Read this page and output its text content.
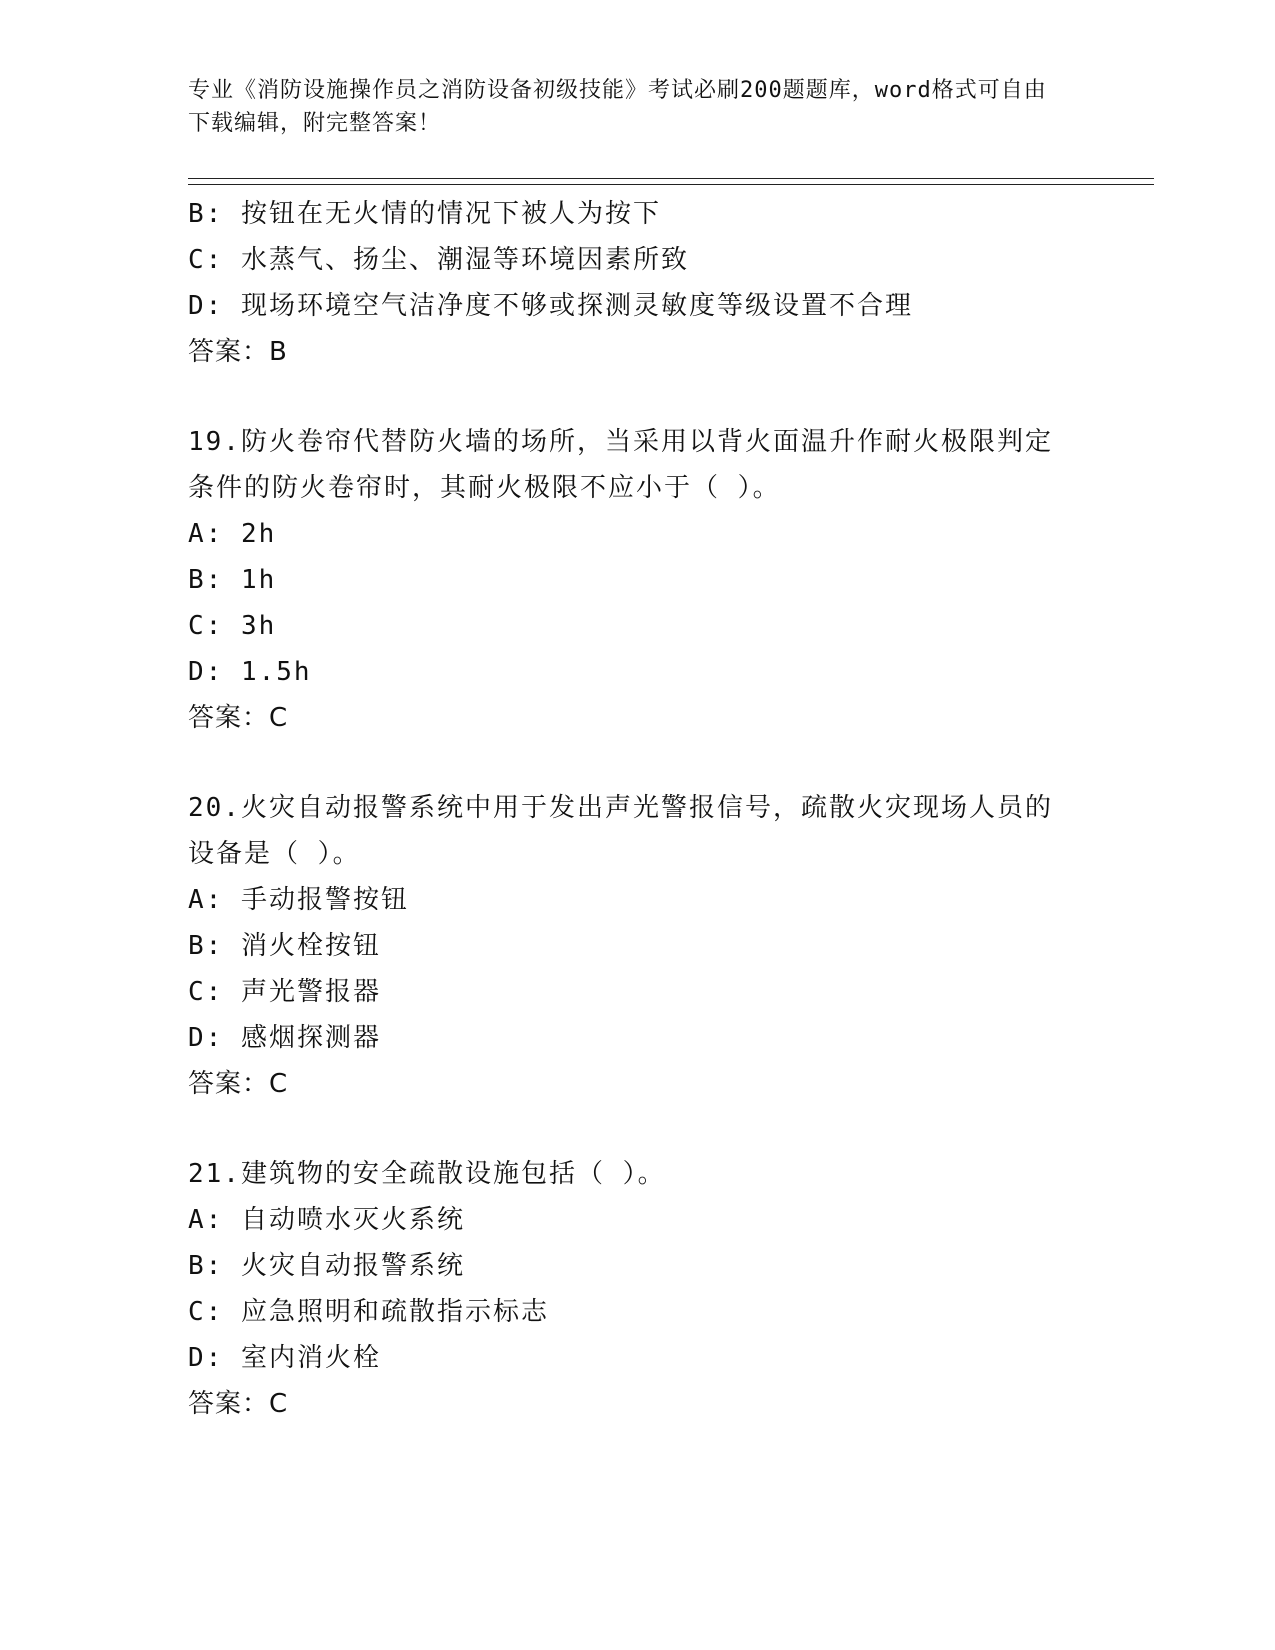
专业《消防设施操作员之消防设备初级技能》考试必刷200题题库，word格式可自由下载编辑，附完整答案！
B: 按钮在无火情的情况下被人为按下
C: 水蒸气、扬尘、潮湿等环境因素所致
D: 现场环境空气洁净度不够或探测灵敏度等级设置不合理
答案：B
19.防火卷帘代替防火墙的场所，当采用以背火面温升作耐火极限判定条件的防火卷帘时，其耐火极限不应小于（ ）。
A: 2h
B: 1h
C: 3h
D: 1.5h
答案：C
20.火灾自动报警系统中用于发出声光警报信号，疏散火灾现场人员的设备是（ ）。
A: 手动报警按钮
B: 消火栓按钮
C: 声光警报器
D: 感烟探测器
答案：C
21.建筑物的安全疏散设施包括（ ）。
A: 自动喷水灭火系统
B: 火灾自动报警系统
C: 应急照明和疏散指示标志
D: 室内消火栓
答案：C
